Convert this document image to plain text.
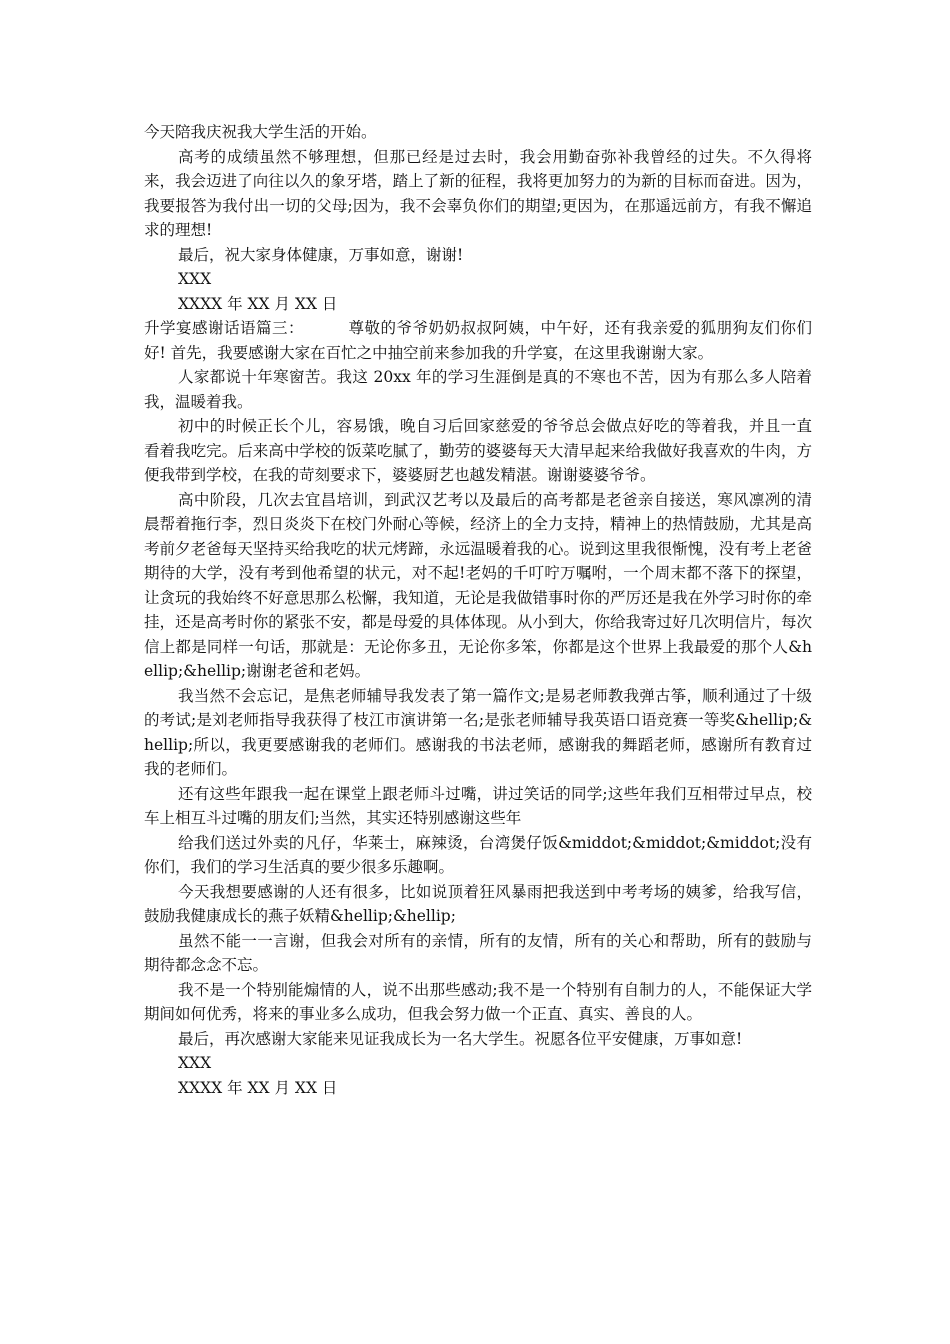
今天陪我庆祝我大学生活的开始。

高考的成绩虽然不够理想，但那已经是过去时，我会用勤奋弥补我曾经的过失。不久得将来，我会迈进了向往以久的象牙塔，踏上了新的征程，我将更加努力的为新的目标而奋进。因为，我要报答为我付出一切的父母;因为，我不会辜负你们的期望;更因为，在那遥远前方，有我不懈追求的理想!

最后，祝大家身体健康，万事如意，谢谢!

XXX

XXXX 年 XX 月 XX 日

升学宴感谢话语篇三：	尊敬的爷爷奶奶叔叔阿姨，中午好，还有我亲爱的狐朋狗友们你们好! 首先，我要感谢大家在百忙之中抽空前来参加我的升学宴，在这里我谢谢大家。

人家都说十年寒窗苦。我这 20xx 年的学习生涯倒是真的不寒也不苦，因为有那么多人陪着我，温暖着我。

初中的时候正长个儿，容易饿，晚自习后回家慈爱的爷爷总会做点好吃的等着我，并且一直看着我吃完。后来高中学校的饭菜吃腻了，勤劳的婆婆每天大清早起来给我做好我喜欢的牛肉，方便我带到学校，在我的苛刻要求下，婆婆厨艺也越发精湛。谢谢婆婆爷爷。

高中阶段，几次去宜昌培训，到武汉艺考以及最后的高考都是老爸亲自接送，寒风凛冽的清晨帮着拖行李，烈日炎炎下在校门外耐心等候，经济上的全力支持，精神上的热情鼓励，尤其是高考前夕老爸每天坚持买给我吃的状元烤蹄，永远温暖着我的心。说到这里我很惭愧，没有考上老爸期待的大学，没有考到他希望的状元，对不起!老妈的千叮咛万嘱咐，一个周末都不落下的探望，让贪玩的我始终不好意思那么松懈，我知道，无论是我做错事时你的严厉还是我在外学习时你的牵挂，还是高考时你的紧张不安，都是母爱的具体体现。从小到大，你给我寄过好几次明信片，每次信上都是同样一句话，那就是：无论你多丑，无论你多笨，你都是这个世界上我最爱的那个人&hellip;&hellip;谢谢老爸和老妈。

我当然不会忘记，是焦老师辅导我发表了第一篇作文;是易老师教我弹古筝，顺利通过了十级的考试;是刘老师指导我获得了枝江市演讲第一名;是张老师辅导我英语口语竞赛一等奖&hellip;&hellip;所以，我更要感谢我的老师们。感谢我的书法老师，感谢我的舞蹈老师，感谢所有教育过我的老师们。

还有这些年跟我一起在课堂上跟老师斗过嘴，讲过笑话的同学;这些年我们互相带过早点，校车上相互斗过嘴的朋友们;当然，其实还特别感谢这些年

给我们送过外卖的凡仔，华莱士，麻辣烫，台湾煲仔饭&middot;&middot;&middot;没有你们，我们的学习生活真的要少很多乐趣啊。

今天我想要感谢的人还有很多，比如说顶着狂风暴雨把我送到中考考场的姨爹，给我写信，鼓励我健康成长的燕子妖精&hellip;&hellip;

虽然不能一一言谢，但我会对所有的亲情，所有的友情，所有的关心和帮助，所有的鼓励与期待都念念不忘。

我不是一个特别能煽情的人，说不出那些感动;我不是一个特别有自制力的人，不能保证大学期间如何优秀，将来的事业多么成功，但我会努力做一个正直、真实、善良的人。

最后，再次感谢大家能来见证我成长为一名大学生。祝愿各位平安健康，万事如意!

XXX

XXXX 年 XX 月 XX 日
